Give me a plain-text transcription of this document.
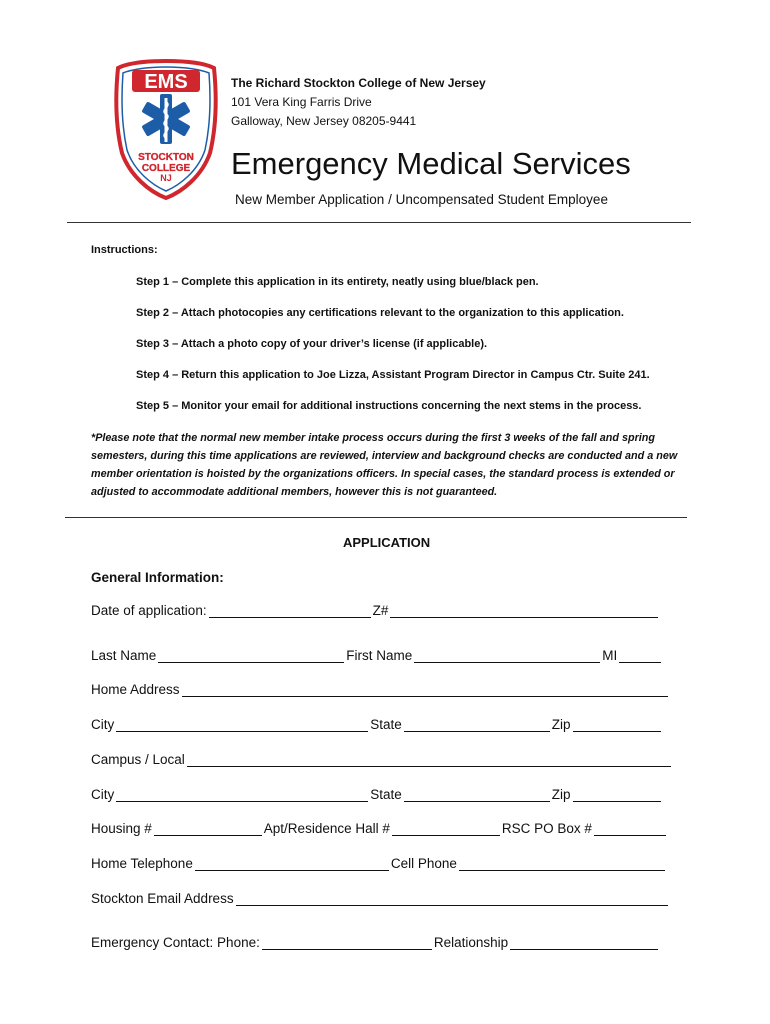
EMS
STOCKTON
COLLEGE
NJ
The Richard Stockton College of New Jersey
101 Vera King Farris Drive
Galloway, New Jersey 08205-9441
Emergency Medical Services
New Member Application / Uncompensated Student Employee
Instructions:
Step 1 – Complete this application in its entirety, neatly using blue/black pen.
Step 2 – Attach photocopies any certifications relevant to the organization to this application.
Step 3 – Attach a photo copy of your driver’s license (if applicable).
Step 4 – Return this application to Joe Lizza, Assistant Program Director in Campus Ctr. Suite 241.
Step 5 – Monitor your email for additional instructions concerning the next stems in the process.
*Please note that the normal new member intake process occurs during the first 3 weeks of the fall and spring semesters, during this time applications are reviewed, interview and background checks are conducted and a new member orientation is hoisted by the organizations officers. In special cases, the standard process is extended or adjusted to accommodate additional members, however this is not guaranteed.
APPLICATION
General Information:
Date of application:	Z#
Last Name	First Name	MI
Home Address
City	State	Zip
Campus / Local
City	State	Zip
Housing #	Apt/Residence Hall #	RSC PO Box #
Home Telephone	Cell Phone
Stockton Email Address
Emergency Contact: Phone:	Relationship
